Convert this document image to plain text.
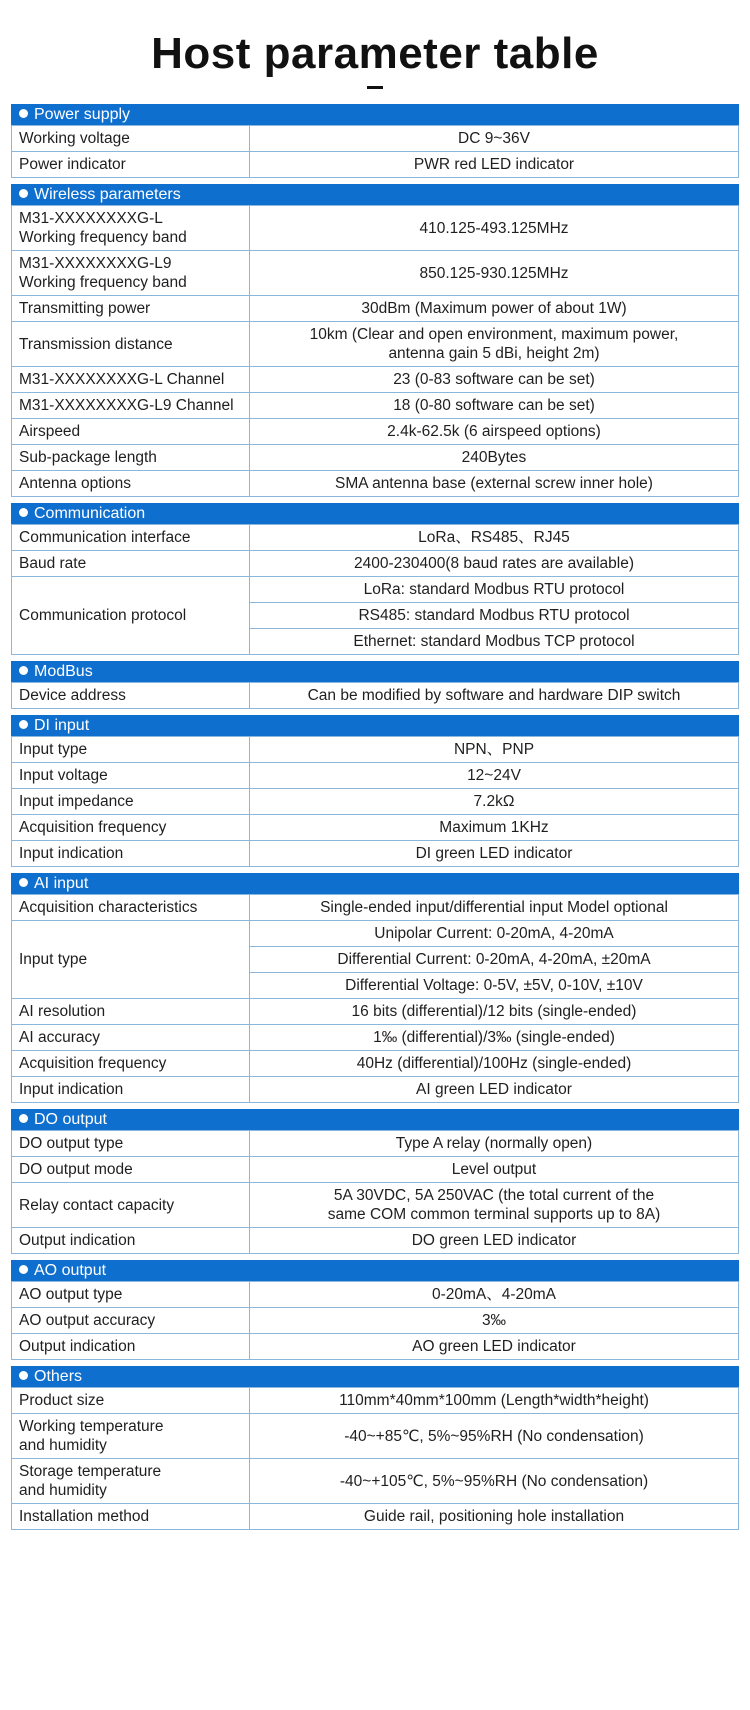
Host parameter table
Power supply
Working voltage	DC 9~36V

Power indicator	PWR red LED indicator
Wireless parameters
M31-XXXXXXXXG-L
Working frequency band	410.125-493.125MHz

M31-XXXXXXXXG-L9
Working frequency band	850.125-930.125MHz

Transmitting power	30dBm (Maximum power of about 1W)

Transmission distance	10km (Clear and open environment, maximum power,
antenna gain 5 dBi, height 2m)

M31-XXXXXXXXG-L Channel	23 (0-83 software can be set)

M31-XXXXXXXXG-L9 Channel	18 (0-80 software can be set)

Airspeed	2.4k-62.5k (6 airspeed options)

Sub-package length	240Bytes

Antenna options	SMA antenna base (external screw inner hole)
Communication
Communication interface	LoRa、RS485、RJ45

Baud rate	2400-230400(8 baud rates are available)

Communication protocol	LoRa: standard Modbus RTU protocol

	RS485: standard Modbus RTU protocol

	Ethernet: standard Modbus TCP protocol
ModBus
Device address	Can be modified by software and hardware DIP switch
DI input
Input type	NPN、PNP

Input voltage	12~24V

Input impedance	7.2kΩ

Acquisition frequency	Maximum 1KHz

Input indication	DI green LED indicator
AI input
Acquisition characteristics	Single-ended input/differential input Model optional

Input type	Unipolar Current: 0-20mA, 4-20mA

	Differential Current: 0-20mA, 4-20mA, ±20mA

	Differential Voltage: 0-5V, ±5V, 0-10V, ±10V

AI resolution	16 bits (differential)/12 bits (single-ended)

AI accuracy	1‰ (differential)/3‰ (single-ended)

Acquisition frequency	40Hz (differential)/100Hz (single-ended)

Input indication	AI green LED indicator
DO output
DO output type	Type A relay (normally open)

DO output mode	Level output

Relay contact capacity	5A 30VDC, 5A 250VAC (the total current of the
same COM common terminal supports up to 8A)

Output indication	DO green LED indicator
AO output
AO output type	0-20mA、4-20mA

AO output accuracy	3‰

Output indication	AO green LED indicator
Others
Product size	110mm*40mm*100mm (Length*width*height)

Working temperature
and humidity	-40~+85℃, 5%~95%RH (No condensation)

Storage temperature
and humidity	-40~+105℃, 5%~95%RH (No condensation)

Installation method	Guide rail, positioning hole installation
